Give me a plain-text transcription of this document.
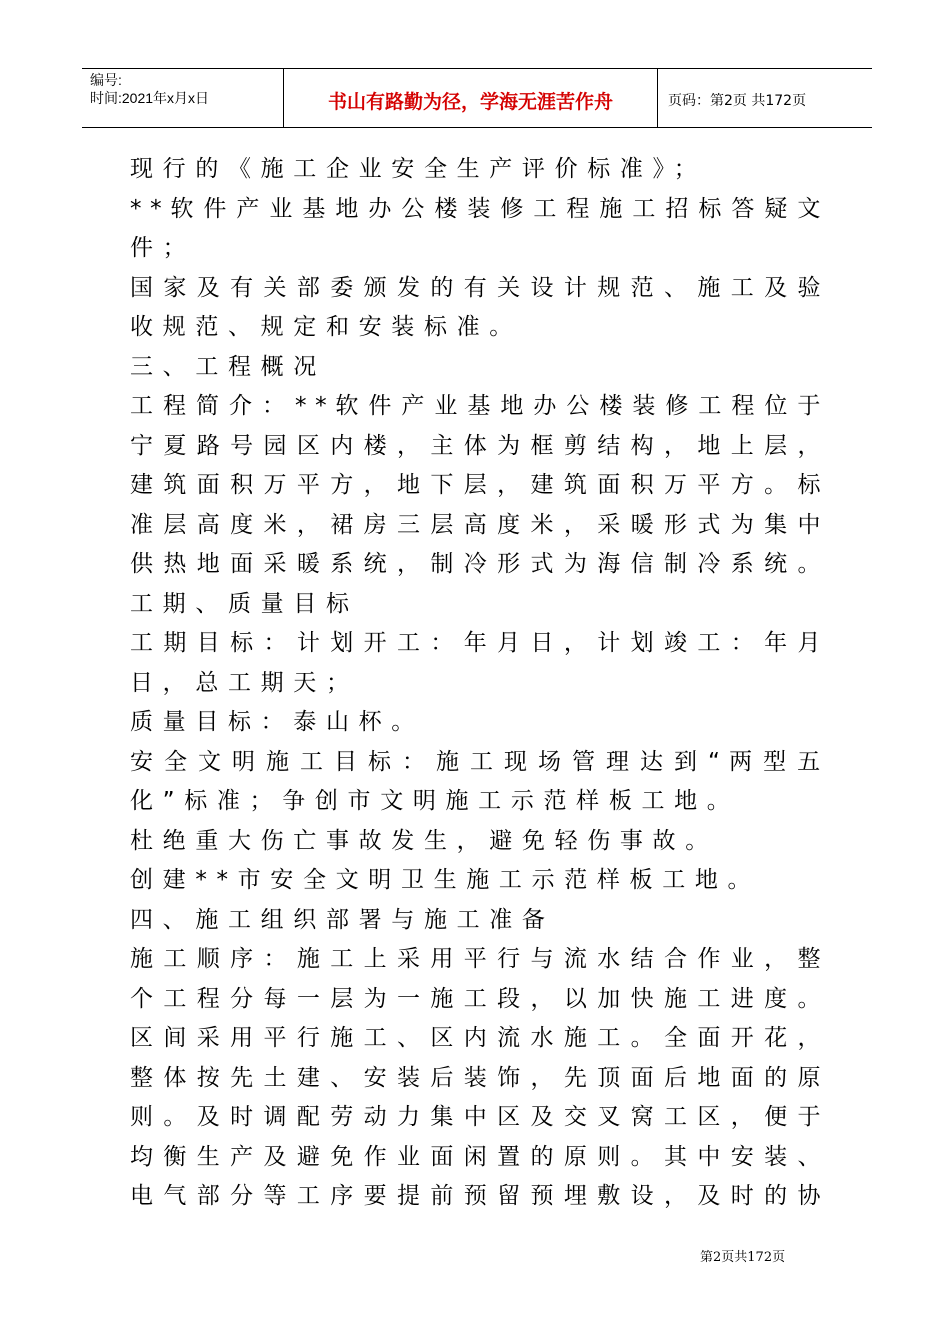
编号:
时间:2021年x月x日	书山有路勤为径，学海无涯苦作舟	页码：第2页 共172页
现行的《施工企业安全生产评价标准》；
* * 软 件 产 业 基 地 办 公 楼 装 修 工 程 施 工 招 标 答 疑 文
件；
国 家 及 有 关 部 委 颁 发 的 有 关 设 计 规 范 、 施 工 及 验
收规范、规定和安装标准。
三、工程概况
工 程 简 介 ： * * 软 件 产 业 基 地 办 公 楼 装 修 工 程 位 于
宁 夏 路 号 园 区 内 楼 ， 主 体 为 框 剪 结 构 ， 地 上 层 ，
建 筑 面 积 万 平 方 ， 地 下 层 ， 建 筑 面 积 万 平 方 。 标
准 层 高 度 米 ， 裙 房 三 层 高 度 米 ， 采 暖 形 式 为 集 中
供 热 地 面 采 暖 系 统 ， 制 冷 形 式 为 海 信 制 冷 系 统 。
工期、质量目标
工 期 目 标 ： 计 划 开 工 ： 年 月 日 ， 计 划 竣 工 ： 年 月
日，总工期天；
质量目标：泰山杯。
安 全 文 明 施 工 目 标 ： 施 工 现 场 管 理 达 到 “ 两 型 五
化”标准；争创市文明施工示范样板工地。
杜绝重大伤亡事故发生，避免轻伤事故。
创建**市安全文明卫生施工示范样板工地。
四、施工组织部署与施工准备
施 工 顺 序 ： 施 工 上 采 用 平 行 与 流 水 结 合 作 业 ， 整
个 工 程 分 每 一 层 为 一 施 工 段 ， 以 加 快 施 工 进 度 。
区 间 采 用 平 行 施 工 、 区 内 流 水 施 工 。 全 面 开 花 ，
整 体 按 先 土 建 、 安 装 后 装 饰 ， 先 顶 面 后 地 面 的 原
则 。 及 时 调 配 劳 动 力 集 中 区 及 交 叉 窝 工 区 ， 便 于
均 衡 生 产 及 避 免 作 业 面 闲 置 的 原 则 。 其 中 安 装 、
电 气 部 分 等 工 序 要 提 前 预 留 预 埋 敷 设 ， 及 时 的 协
第2页共172页
